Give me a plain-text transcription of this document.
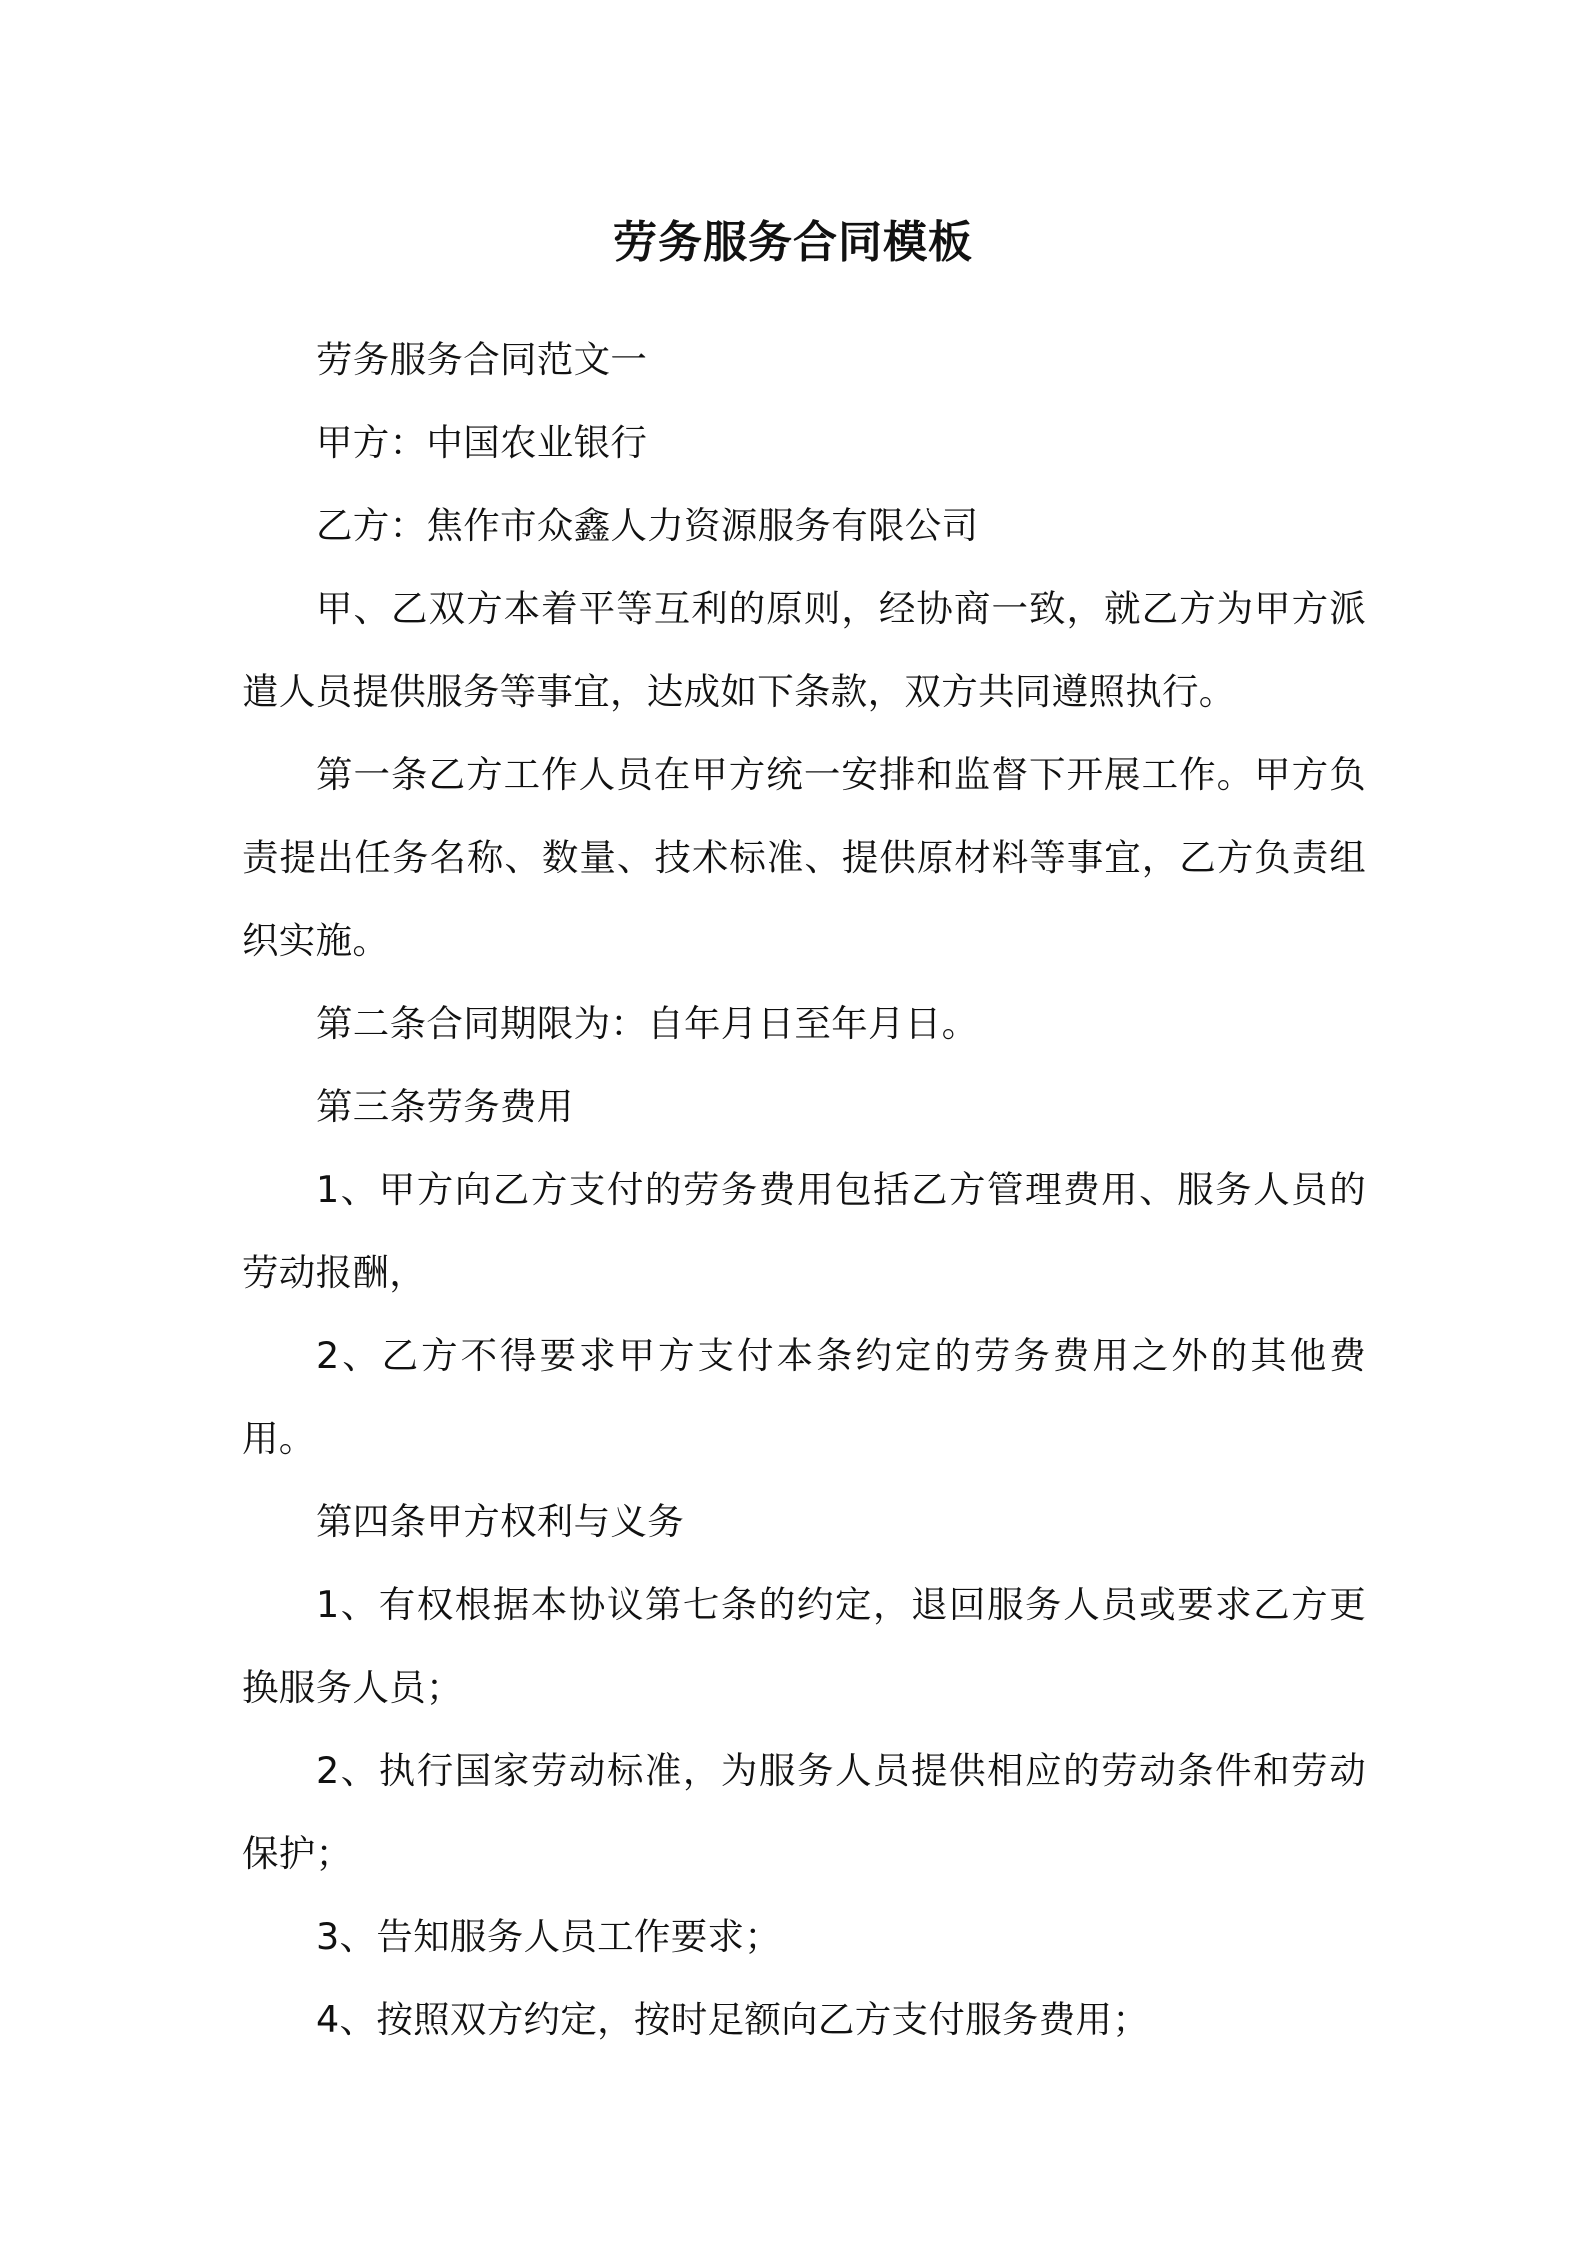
劳务服务合同模板

劳务服务合同范文一

甲方：中国农业银行

乙方：焦作市众鑫人力资源服务有限公司

甲、乙双方本着平等互利的原则，经协商一致，就乙方为甲方派遣人员提供服务等事宜，达成如下条款，双方共同遵照执行。

第一条乙方工作人员在甲方统一安排和监督下开展工作。甲方负责提出任务名称、数量、技术标准、提供原材料等事宜，乙方负责组织实施。

第二条合同期限为：自年月日至年月日。

第三条劳务费用

1、甲方向乙方支付的劳务费用包括乙方管理费用、服务人员的劳动报酬，

2、乙方不得要求甲方支付本条约定的劳务费用之外的其他费用。

第四条甲方权利与义务

1、有权根据本协议第七条的约定，退回服务人员或要求乙方更换服务人员；

2、执行国家劳动标准，为服务人员提供相应的劳动条件和劳动保护；

3、告知服务人员工作要求；

4、按照双方约定，按时足额向乙方支付服务费用；
